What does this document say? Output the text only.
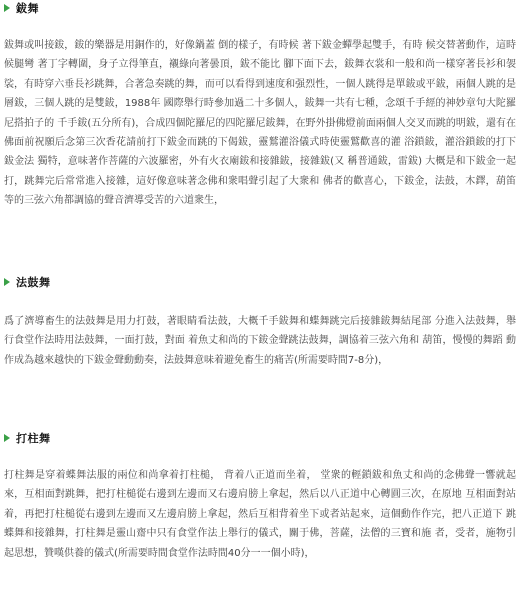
鈸舞

鈸舞或叫接鈸，鈸的樂器是用銅作的，好像鍋蓋 倒的樣子，有時候 著下鈸金蟬學起雙手，有時 候交替著動作，這時候腿彎 著丁字轉圍，身子立得筆直，襯綠向著曇頂，鈸不能比 腳下面下去，鈸舞衣裳和一般和尚一樣穿著長衫和袈裟，有時穿六垂長衫跳舞，合著急奏跳的舞，而可以看得到速度和强烈性，一個人跳得是單鈸或平鈸，兩個人跳的是層鈸，三個人跳的是雙鈸，1988年 國際舉行時參加過二十多個人，鈸舞一共有七種，念頌千手經的神妙章句大陀羅尼搭拍子的 千手鈸(五分所有)，合成四個陀羅尼的四陀羅尼鈸舞，在野外掛佛燈前面兩個人交叉而跳的明鈸，還有在佛面前祝願后念第三次香花請前打下鈸金而跳的下偈鈸，靈鷲灌浴儀式時使靈鷲歡喜的灌 浴鎖鈸，灌浴鎖鈸的打下鈸金法 獨特，意味著作菩薩的六波羅密，外有火衣廟鈸和接雜鈸，接雜鈸(又 稱普通鈸，雷鈸) 大概是和下鈸金一起打，跳舞完后常常進入接雜，這好像意味著念佛和衆唱聲引起了大衆和 佛者的歡喜心，下鈸金，法鼓，木鐸，葫笛等的三弦六角都調協的聲音濟導受苦的六道衆生，

法鼓舞

爲了濟導畜生的法鼓舞是用力打鼓，著眼睛看法鼓，大概千手鈸舞和蝶舞跳完后接雜鈸舞結尾部 分進入法鼓舞，舉行食堂作法時用法鼓舞，一面打鼓，對面 着魚丈和尚的下鈸金聲跳法鼓舞，調協着三弦六角和 葫笛，慢慢的舞蹈 動作成為越來越快的下鈸金聲動動奏，法鼓舞意味着避免畜生的痛苦(所需要時間7-8分)，

打柱舞

打柱舞是穿着蝶舞法服的兩位和尚拿着打柱槌， 背着八正道而坐着， 堂衆的輕鎖鈸和魚丈和尚的念佛聲一響就起來，互相面對跳舞，把打柱槌從右邊到左邊而又右邊肩膀上拿起，然后以八正道中心轉圓三次，在原地 互相面對站着，再把打柱槌從右邊到左邊而又左邊肩膀上拿起，然后互相背着坐下或者站起來，這個動作作完，把八正道下 跳蝶舞和接雜舞，打柱舞是靈山齋中只有食堂作法上舉行的儀式，關于佛，菩薩，法僧的三寶和施 者，受者，施物引起思想，贊嘆供養的儀式(所需要時間食堂作法時間40分一一個小時)，
